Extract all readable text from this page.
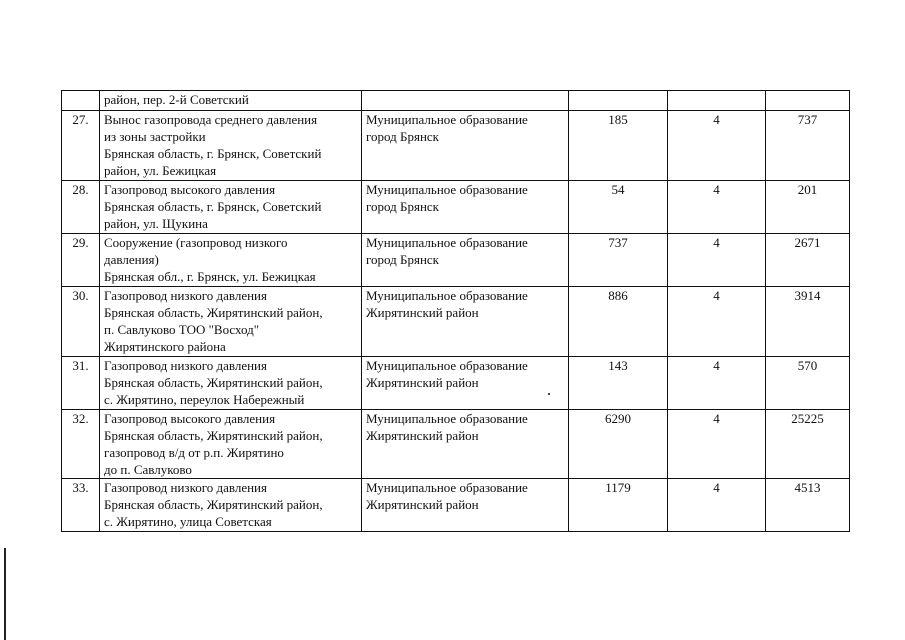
	район, пер. 2-й Советский				

27.	Вынос газопровода среднего давления
из зоны застройки
Брянская область, г. Брянск, Советский
район, ул. Бежицкая	Муниципальное образование
город Брянск	185	4	737
28.	Газопровод высокого давления
Брянская область, г. Брянск, Советский
район, ул. Щукина	Муниципальное образование
город Брянск	54	4	201
29.	Сооружение (газопровод низкого
давления)
Брянская обл., г. Брянск, ул. Бежицкая	Муниципальное образование
город Брянск	737	4	2671
30.	Газопровод низкого давления
Брянская область, Жирятинский район,
п. Савлуково ТОО "Восход"
Жирятинского района	Муниципальное образование
Жирятинский район	886	4	3914
31.	Газопровод низкого давления
Брянская область, Жирятинский район,
с. Жирятино, переулок Набережный	Муниципальное образование
Жирятинский район	143	4	570
32.	Газопровод высокого давления
Брянская область, Жирятинский район,
газопровод в/д от р.п. Жирятино
до п. Савлуково	Муниципальное образование
Жирятинский район	6290	4	25225
33.	Газопровод низкого давления
Брянская область, Жирятинский район,
с. Жирятино, улица Советская	Муниципальное образование
Жирятинский район	1179	4	4513
